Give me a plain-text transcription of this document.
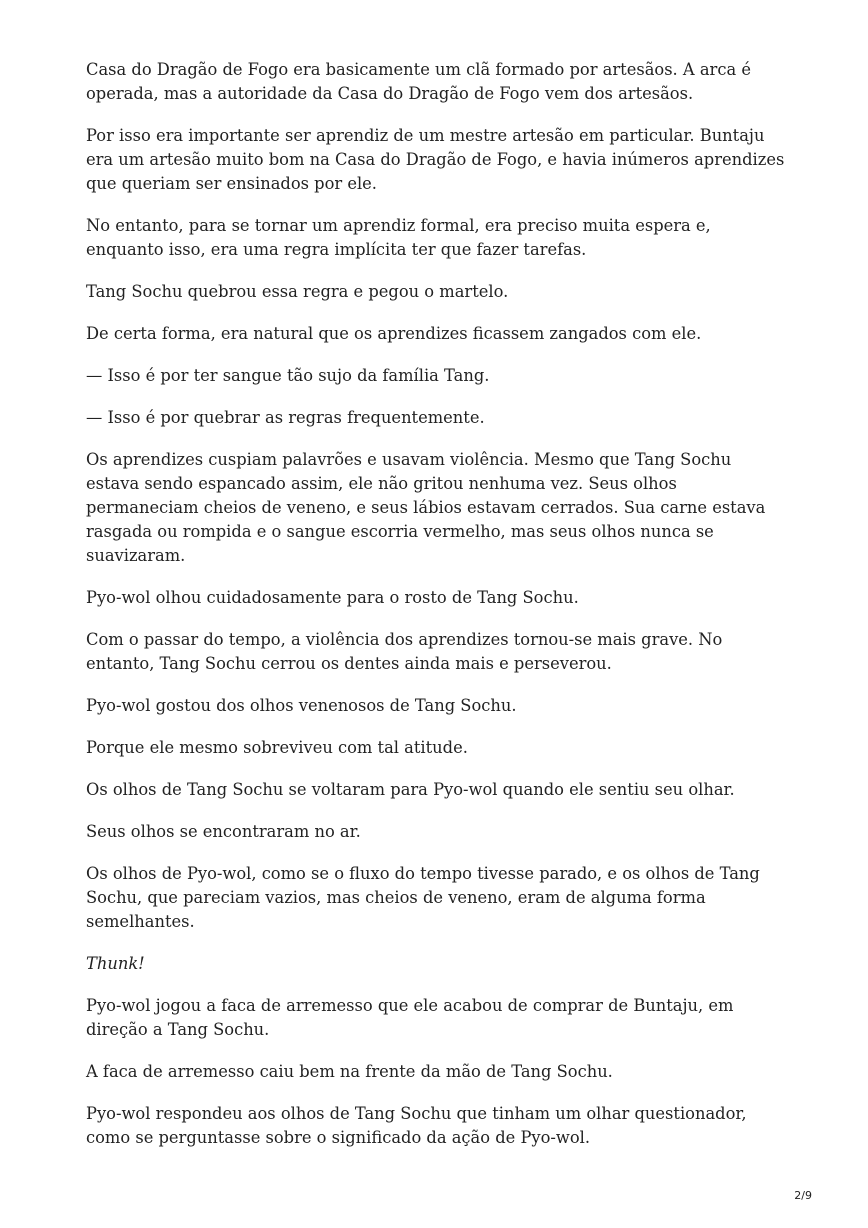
Casa do Dragão de Fogo era basicamente um clã formado por artesãos. A arca é operada, mas a autoridade da Casa do Dragão de Fogo vem dos artesãos.

Por isso era importante ser aprendiz de um mestre artesão em particular. Buntaju era um artesão muito bom na Casa do Dragão de Fogo, e havia inúmeros aprendizes que queriam ser ensinados por ele.

No entanto, para se tornar um aprendiz formal, era preciso muita espera e, enquanto isso, era uma regra implícita ter que fazer tarefas.

Tang Sochu quebrou essa regra e pegou o martelo.

De certa forma, era natural que os aprendizes ficassem zangados com ele.

— Isso é por ter sangue tão sujo da família Tang.

— Isso é por quebrar as regras frequentemente.

Os aprendizes cuspiam palavrões e usavam violência. Mesmo que Tang Sochu estava sendo espancado assim, ele não gritou nenhuma vez. Seus olhos permaneciam cheios de veneno, e seus lábios estavam cerrados. Sua carne estava rasgada ou rompida e o sangue escorria vermelho, mas seus olhos nunca se suavizaram.

Pyo-wol olhou cuidadosamente para o rosto de Tang Sochu.

Com o passar do tempo, a violência dos aprendizes tornou-se mais grave. No entanto, Tang Sochu cerrou os dentes ainda mais e perseverou.

Pyo-wol gostou dos olhos venenosos de Tang Sochu.

Porque ele mesmo sobreviveu com tal atitude.

Os olhos de Tang Sochu se voltaram para Pyo-wol quando ele sentiu seu olhar.

Seus olhos se encontraram no ar.

Os olhos de Pyo-wol, como se o fluxo do tempo tivesse parado, e os olhos de Tang Sochu, que pareciam vazios, mas cheios de veneno, eram de alguma forma semelhantes.

Thunk!

Pyo-wol jogou a faca de arremesso que ele acabou de comprar de Buntaju, em direção a Tang Sochu.

A faca de arremesso caiu bem na frente da mão de Tang Sochu.

Pyo-wol respondeu aos olhos de Tang Sochu que tinham um olhar questionador, como se perguntasse sobre o significado da ação de Pyo-wol.

2/9
